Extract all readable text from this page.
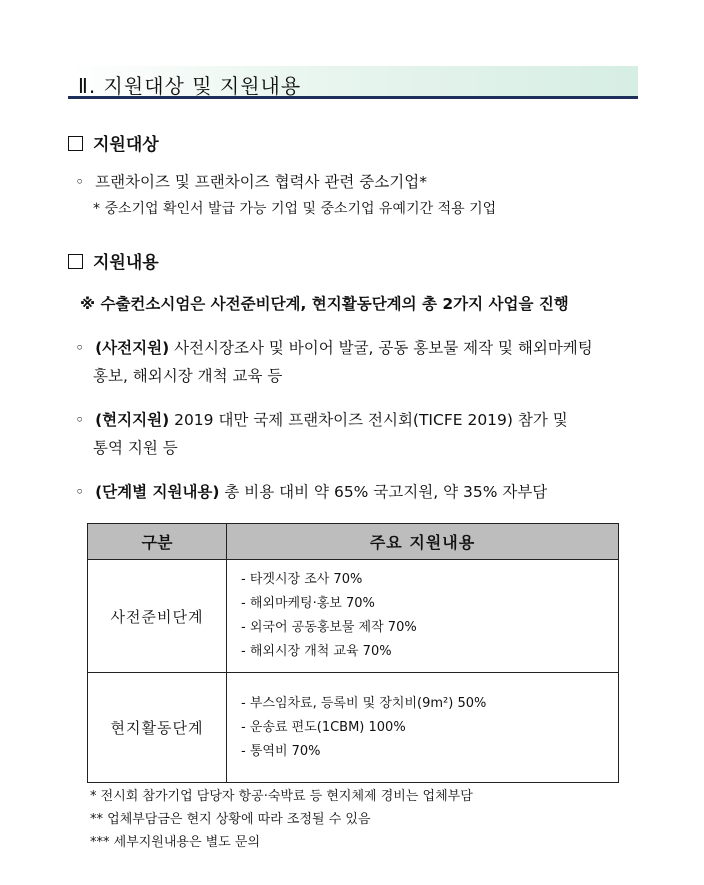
Ⅱ. 지원대상 및 지원내용
지원대상
◦ 프랜차이즈 및 프랜차이즈 협력사 관련 중소기업*
* 중소기업 확인서 발급 가능 기업 및 중소기업 유예기간 적용 기업
지원내용
※ 수출컨소시엄은 사전준비단계, 현지활동단계의 총 2가지 사업을 진행
◦ (사전지원) 사전시장조사 및 바이어 발굴, 공동 홍보물 제작 및 해외마케팅
홍보, 해외시장 개척 교육 등
◦ (현지지원) 2019 대만 국제 프랜차이즈 전시회(TICFE 2019) 참가 및
통역 지원 등
◦ (단계별 지원내용) 총 비용 대비 약 65% 국고지원, 약 35% 자부담
구분	주요 지원내용
사전준비단계	- 타겟시장 조사 70%
- 해외마케팅·홍보 70%
- 외국어 공동홍보물 제작 70%
- 해외시장 개척 교육 70%

현지활동단계	- 부스임차료, 등록비 및 장치비(9m²) 50%
- 운송료 편도(1CBM) 100%
- 통역비 70%
* 전시회 참가기업 담당자 항공·숙박료 등 현지체제 경비는 업체부담
** 업체부담금은 현지 상황에 따라 조정될 수 있음
*** 세부지원내용은 별도 문의
